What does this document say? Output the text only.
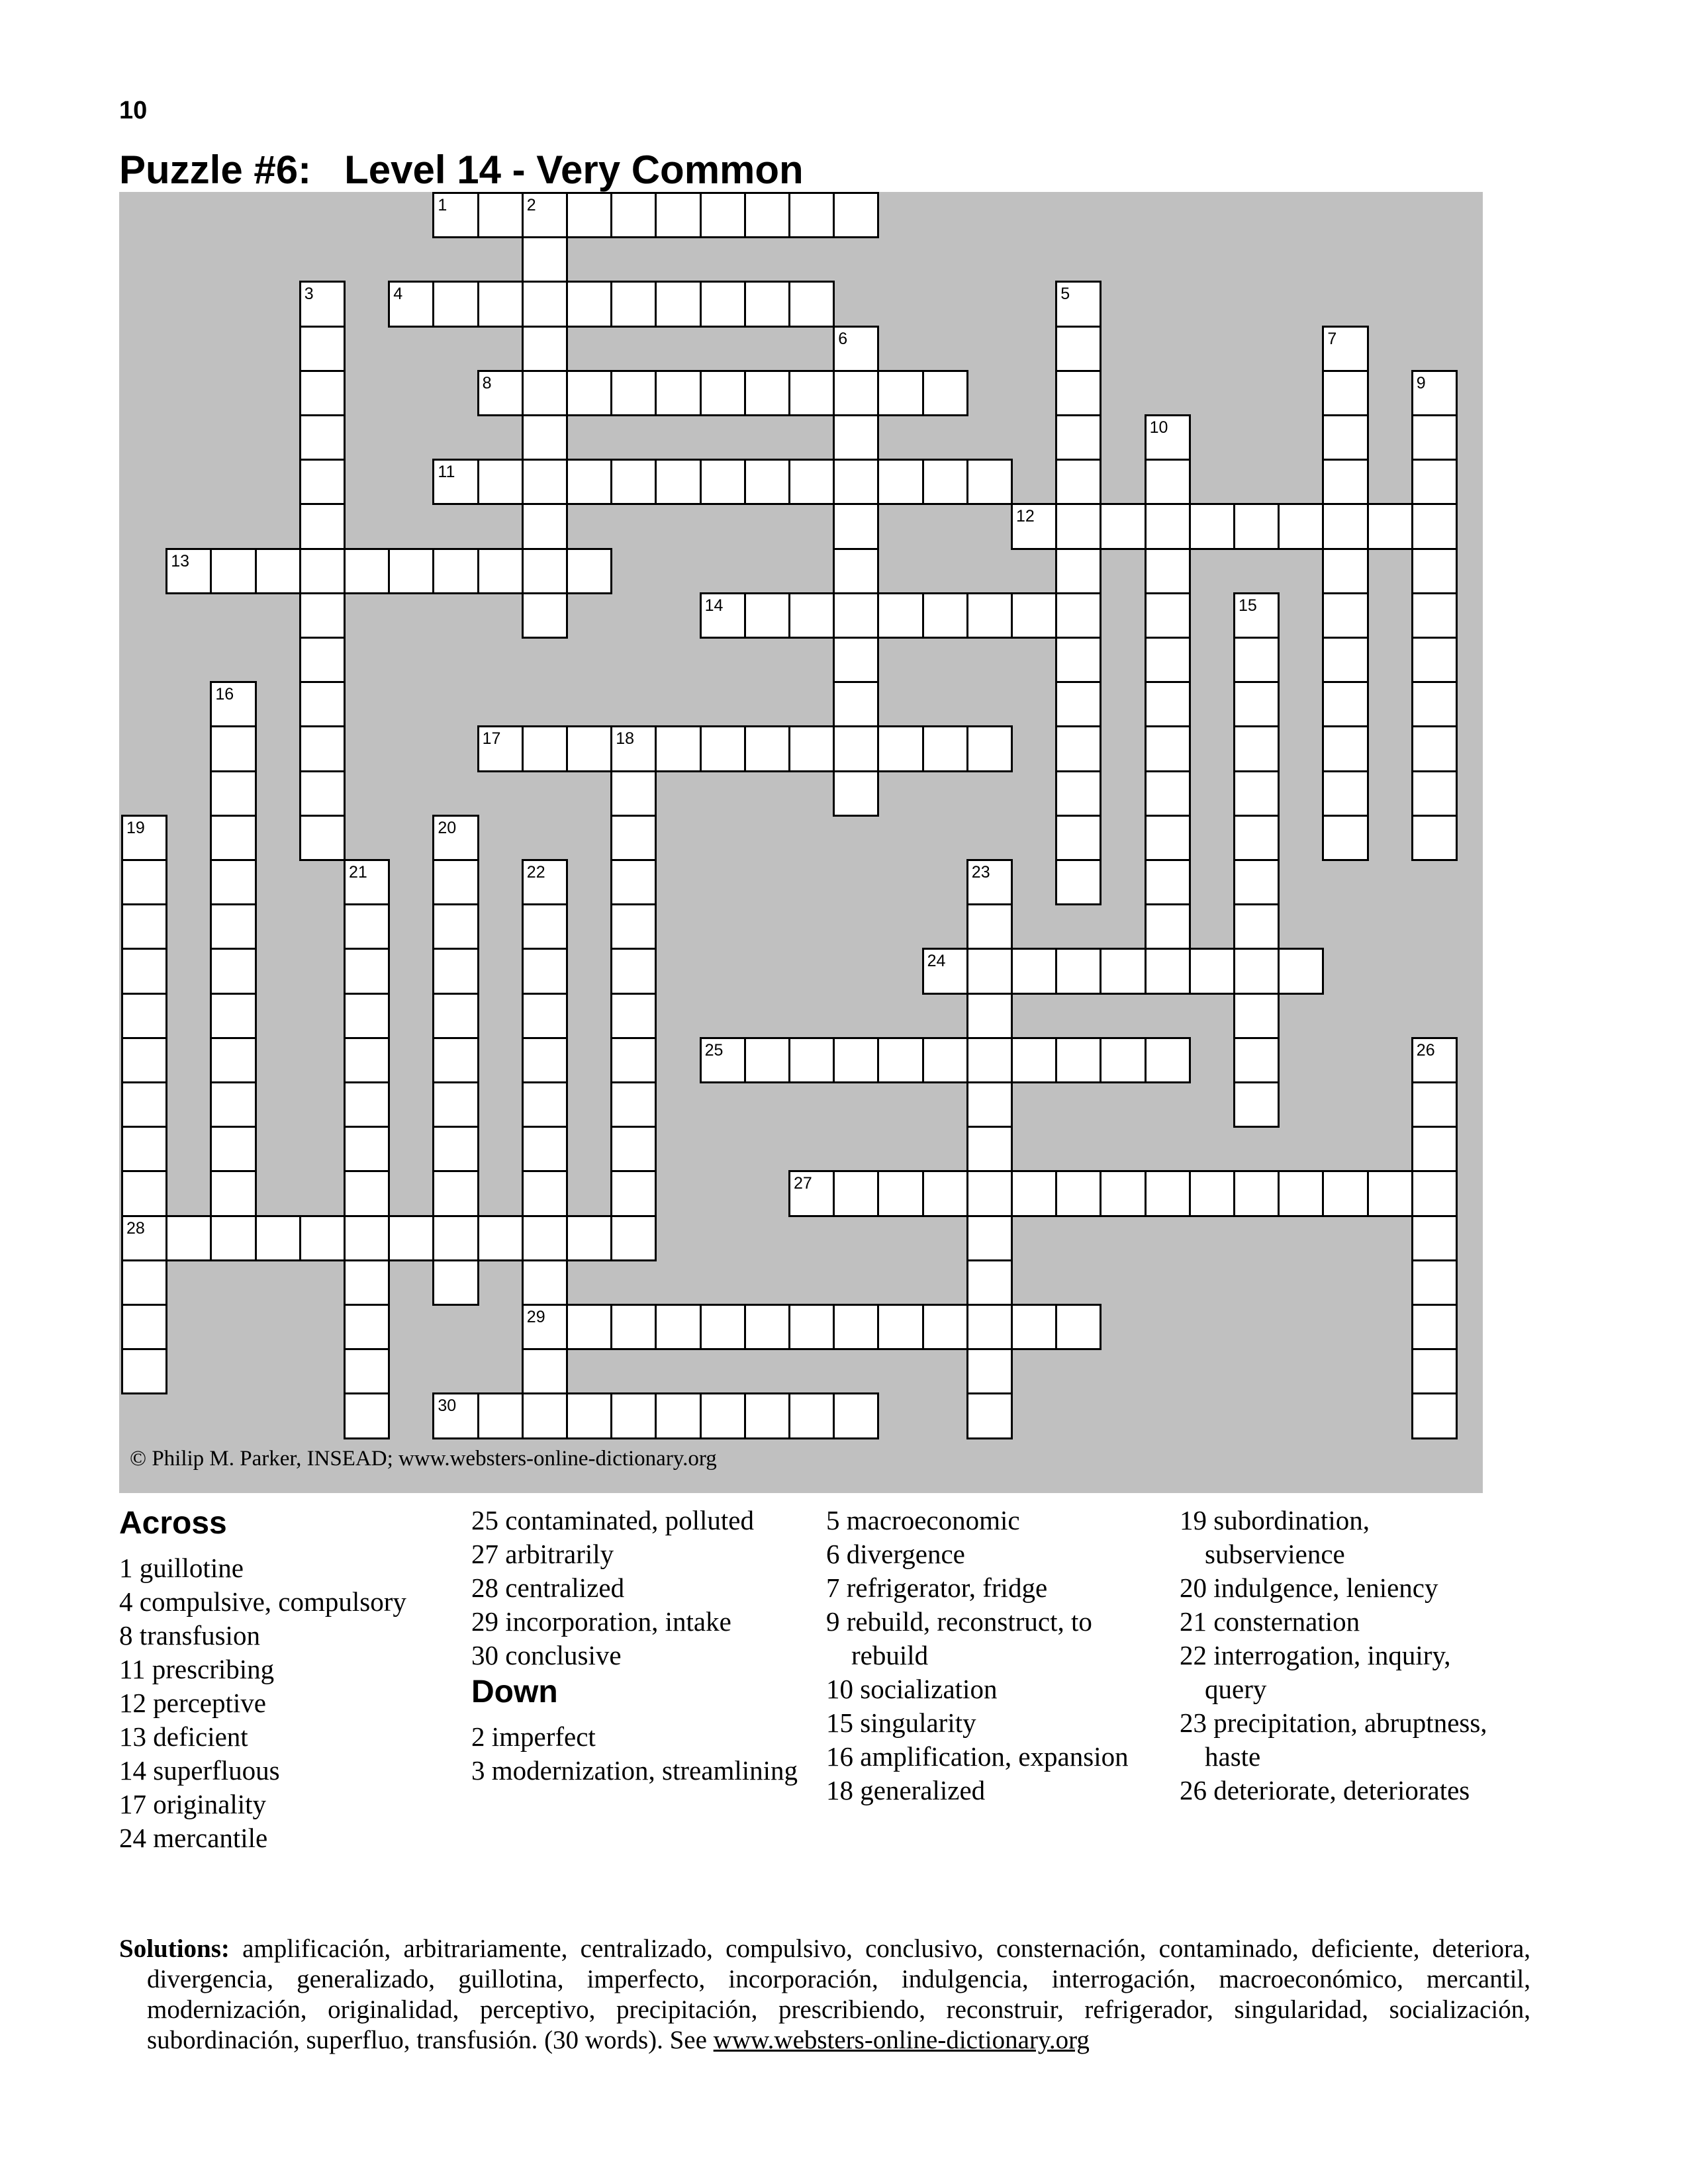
10
Puzzle #6:   Level 14 - Very Common
1	2
3	4	5
6	7
8	9
10
11
12
13
14	15
16
17	18
19
28
20
21	22
29
23
24
25	26
27
30
© Philip M. Parker, INSEAD; www.websters-online-dictionary.org
Across

1 guillotine

4 compulsive, compulsory

8 transfusion

11 prescribing

12 perceptive

13 deficient

14 superfluous

17 originality

24 mercantile

25 contaminated, polluted

27 arbitrarily

28 centralized

29 incorporation, intake

30 conclusive

Down

2 imperfect

3 modernization, streamlining

5 macroeconomic

6 divergence

7 refrigerator, fridge

9 rebuild, reconstruct, to rebuild

10 socialization

15 singularity

16 amplification, expansion

18 generalized

19 subordination, subservience

20 indulgence, leniency

21 consternation

22 interrogation, inquiry, query

23 precipitation, abruptness, haste

26 deteriorate, deteriorates

Solutions: amplificación, arbitrariamente, centralizado, compulsivo, conclusivo, consternación, contaminado, deficiente, deteriora, divergencia, generalizado, guillotina, imperfecto, incorporación, indulgencia, interrogación, macroeconómico, mercantil, modernización, originalidad, perceptivo, precipitación, prescribiendo, reconstruir, refrigerador, singularidad, socialización, subordinación, superfluo, transfusión. (30 words). See www.websters-online-dictionary.org
